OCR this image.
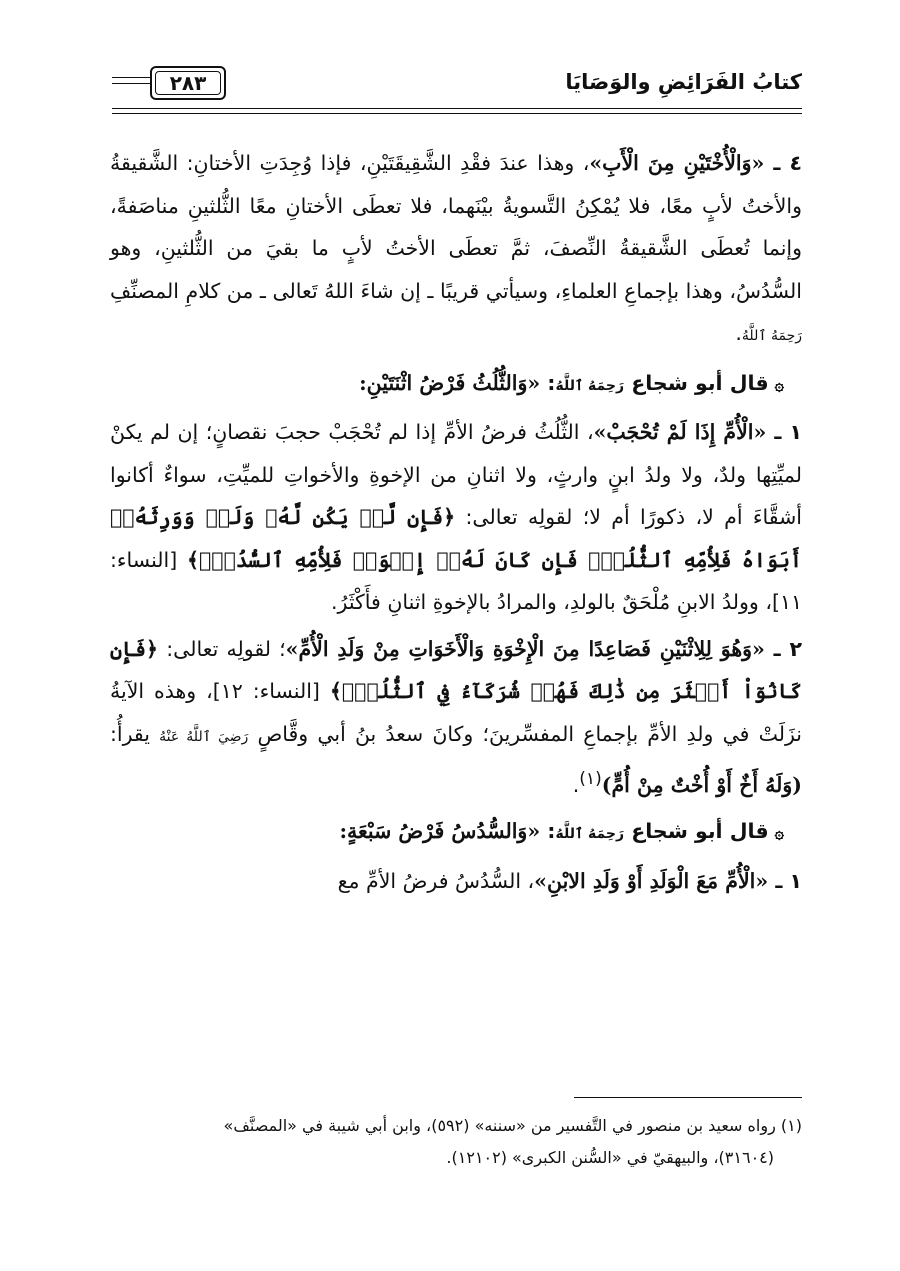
كتابُ الفَرَائِضِ والوَصَايَا
٢٨٣

٤ ـ «وَالْأُخْتَيْنِ مِنَ الْأَبِ»، وهذا عندَ فقْدِ الشَّقِيقَتَيْنِ، فإذا وُجِدَتِ الأختانِ: الشَّقيقةُ والأختُ لأبٍ معًا، فلا يُمْكِنُ التَّسويةُ بيْنَهما، فلا تعطَى الأختانِ معًا الثُّلثينِ مناصَفةً، وإنما تُعطَى الشَّقيقةُ النِّصفَ، ثمَّ تعطَى الأختُ لأبٍ ما بقيَ من الثُّلثينِ، وهو السُّدُسُ، وهذا بإجماعِ العلماءِ، وسيأتي قريبًا ـ إن شاءَ اللهُ تَعالى ـ من كلامِ المصنِّفِ رَحِمَهُ ٱللَّهُ.

۞قال أبو شجاع رَحِمَهُ ٱللَّهُ: «وَالثُّلُثُ فَرْضُ اثْنَتَيْنِ:

١ ـ «الْأُمِّ إِذَا لَمْ تُحْجَبْ»، الثُّلُثُ فرضُ الأمِّ إذا لم تُحْجَبْ حجبَ نقصانٍ؛ إن لم يكنْ لميِّتِها ولدٌ، ولا ولدُ ابنٍ وارثٍ، ولا اثنانِ من الإخوةِ والأخواتِ للميِّتِ، سواءٌ أكانوا أشقَّاءَ أم لا، ذكورًا أم لا؛ لقولِه تعالى: ﴿فَإِن لَّمۡ يَكُن لَّهُۥ وَلَدٞ وَوَرِثَهُۥٓ أَبَوَاهُ فَلِأُمِّهِ ٱلثُّلُثُۚ فَإِن كَانَ لَهُۥٓ إِخۡوَةٞ فَلِأُمِّهِ ٱلسُّدُسُۚ﴾ [النساء: ١١]، وولدُ الابنِ مُلْحَقٌ بالولدِ، والمرادُ بالإخوةِ اثنانِ فأَكْثَرُ.

٢ ـ «وَهُوَ لِلِاثْنَيْنِ فَصَاعِدًا مِنَ الْإِخْوَةِ وَالْأَخَوَاتِ مِنْ وَلَدِ الْأُمِّ»؛ لقولِه تعالى: ﴿فَإِن كَانُوٓاْ أَكۡثَرَ مِن ذَٰلِكَ فَهُمۡ شُرَكَآءُ فِي ٱلثُّلُثِۚ﴾ [النساء: ١٢]، وهذه الآيةُ نزَلَتْ في ولدِ الأمِّ بإجماعِ المفسِّرينَ؛ وكانَ سعدُ بنُ أبي وقَّاصٍ رَضِيَ ٱللَّهُ عَنْهُ يقرأُ: (وَلَهُ أَخٌ أَوْ أُخْتٌ مِنْ أُمٍّ)$^{(١)}$.

۞قال أبو شجاع رَحِمَهُ ٱللَّهُ: «وَالسُّدُسُ فَرْضُ سَبْعَةٍ:

١ ـ «الْأُمِّ مَعَ الْوَلَدِ أَوْ وَلَدِ الابْنِ»، السُّدُسُ فرضُ الأمِّ مع

(١) رواه سعيد بن منصور في التَّفسير من «سننه» (٥٩٢)، وابن أبي شيبة في «المصنَّف»

(٣١٦٠٤)، والبيهقيّ في «السُّنن الكبرى» (١٢١٠٢).
